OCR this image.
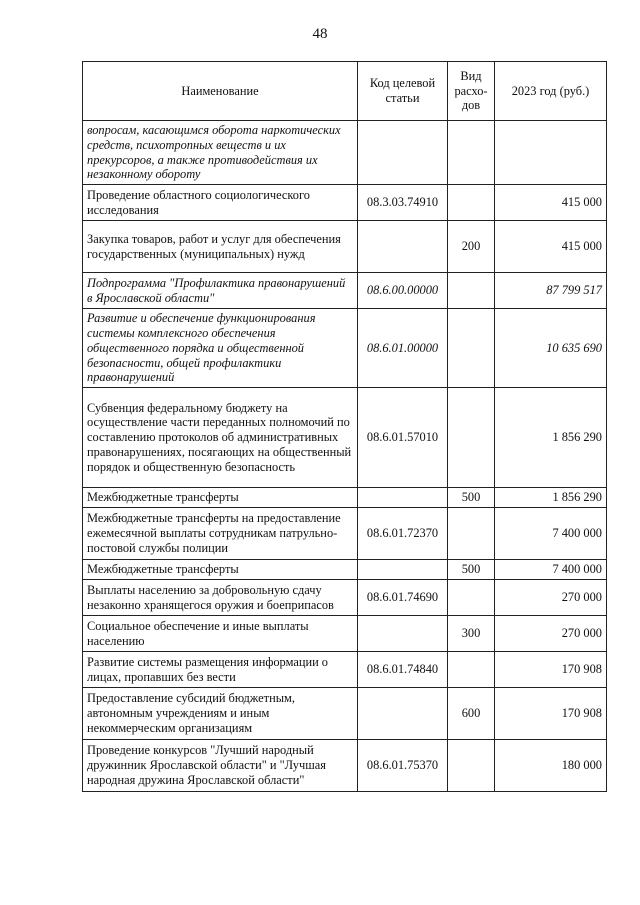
48
Наименование	Код целевой статьи	Вид расхо-дов	2023 год (руб.)
вопросам, касающимся оборота наркотических средств, психотропных веществ и их прекурсоров, а также противодействия их незаконному обороту			
Проведение областного социологического исследования	08.3.03.74910		415 000
Закупка товаров, работ и услуг для обеспечения государственных (муниципальных) нужд		200	415 000
Подпрограмма "Профилактика правонарушений в Ярославской области"	08.6.00.00000		87 799 517
Развитие и обеспечение функционирования системы комплексного обеспечения общественного порядка и общественной безопасности, общей профилактики правонарушений	08.6.01.00000		10 635 690
Субвенция федеральному бюджету на осуществление части переданных полномочий по составлению протоколов об административных правонарушениях, посягающих на общественный порядок и общественную безопасность	08.6.01.57010		1 856 290
Межбюджетные трансферты		500	1 856 290
Межбюджетные трансферты на предоставление ежемесячной выплаты сотрудникам патрульно-постовой службы полиции	08.6.01.72370		7 400 000
Межбюджетные трансферты		500	7 400 000
Выплаты населению за добровольную сдачу незаконно хранящегося оружия и боеприпасов	08.6.01.74690		270 000
Социальное обеспечение и иные выплаты населению		300	270 000
Развитие системы размещения информации о лицах, пропавших без вести	08.6.01.74840		170 908
Предоставление субсидий бюджетным, автономным учреждениям и иным некоммерческим организациям		600	170 908
Проведение конкурсов "Лучший народный дружинник Ярославской области" и "Лучшая народная дружина Ярославской области"	08.6.01.75370		180 000
